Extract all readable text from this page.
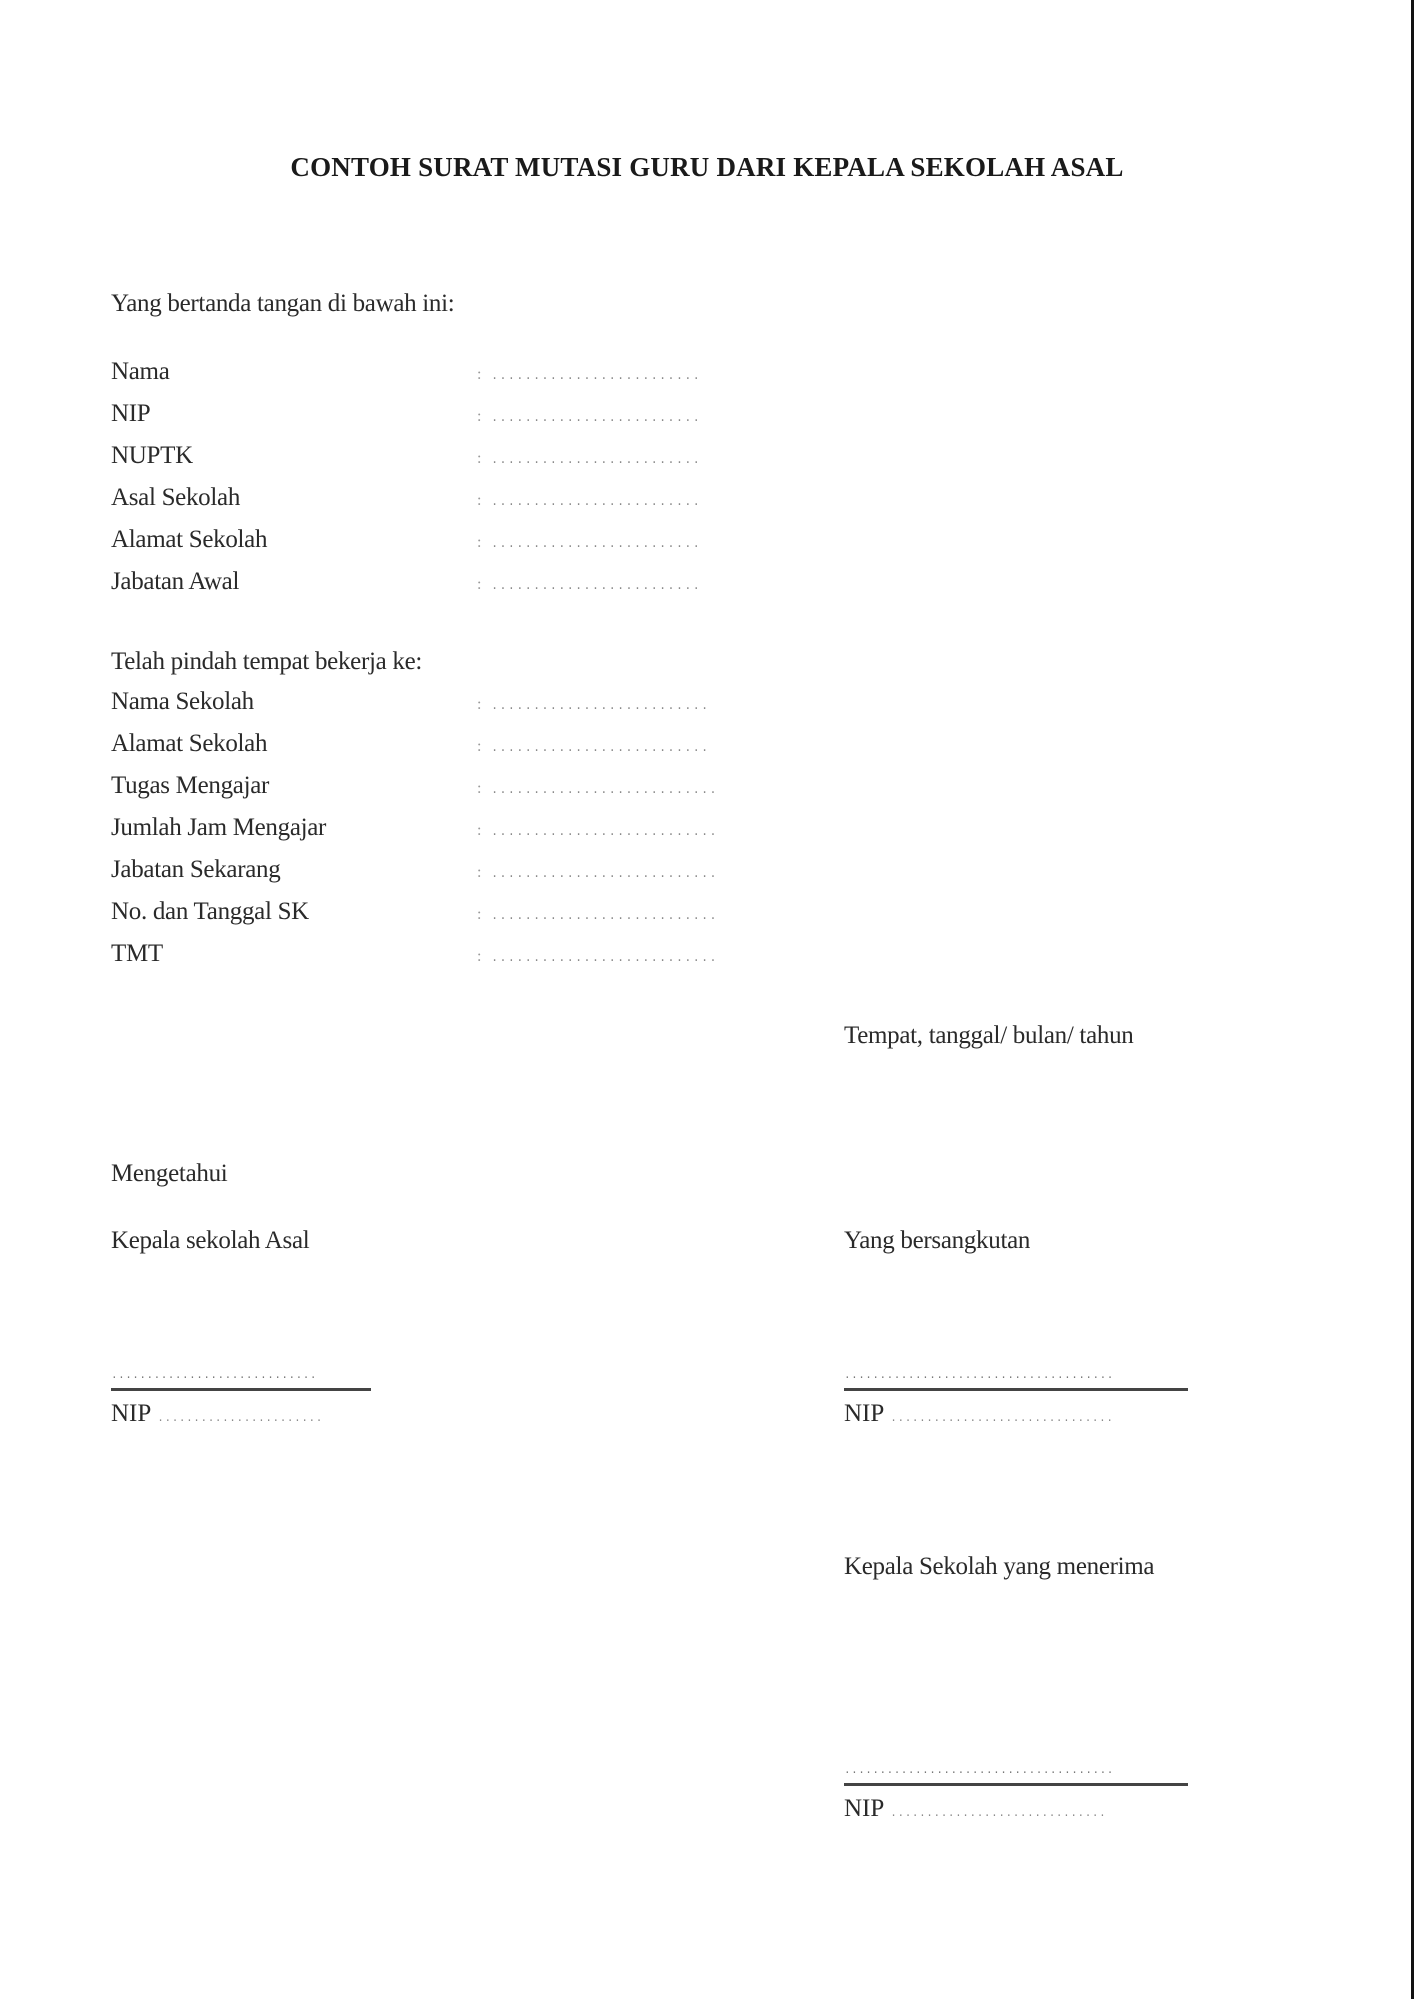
CONTOH SURAT MUTASI GURU DARI KEPALA SEKOLAH ASAL
Yang bertanda tangan di bawah ini:
Nama	: .........................
NIP	: .........................
NUPTK	: .........................
Asal Sekolah	: .........................
Alamat Sekolah	: .........................
Jabatan Awal	: .........................
Telah pindah tempat bekerja ke:
Nama Sekolah	: ..........................
Alamat Sekolah	: ..........................
Tugas Mengajar	: ...........................
Jumlah Jam Mengajar	: ...........................
Jabatan Sekarang	: ...........................
No. dan Tanggal SK	: ...........................
TMT	: ...........................
Tempat, tanggal/ bulan/ tahun
Mengetahui
Kepala sekolah Asal
.............................
NIP .......................
Yang bersangkutan
......................................
NIP ...............................
Kepala Sekolah yang menerima
......................................
NIP ..............................
